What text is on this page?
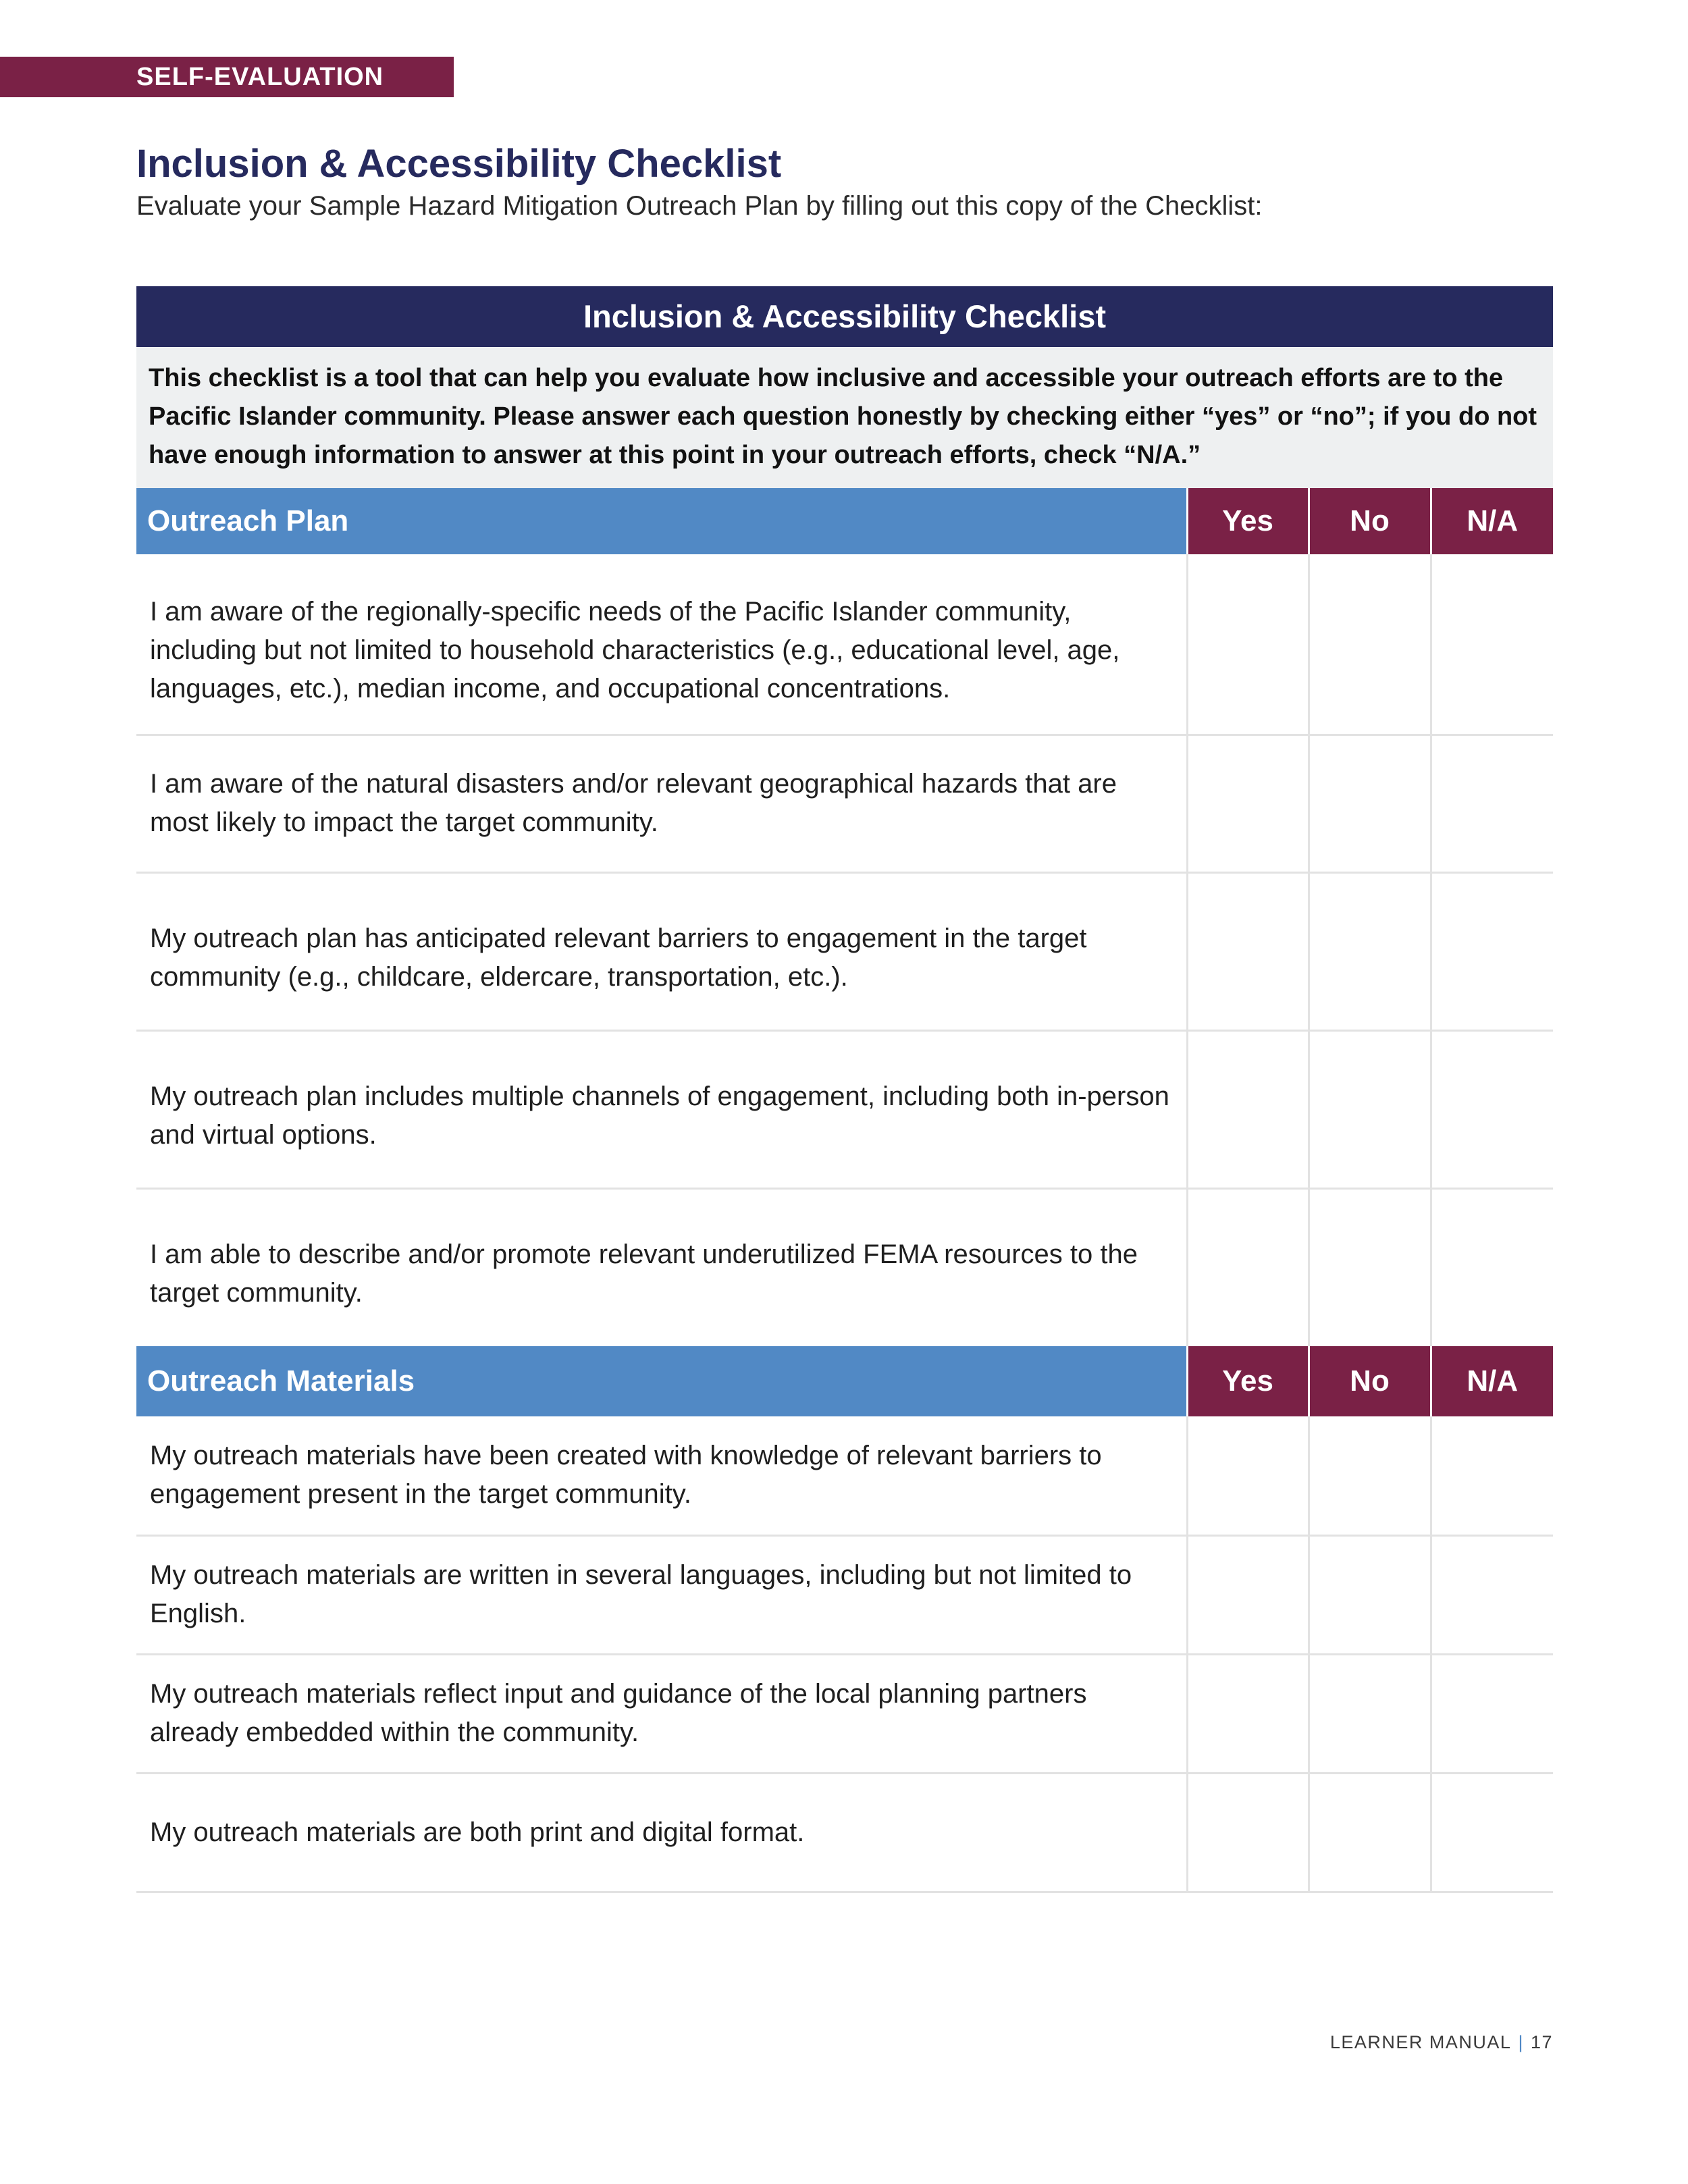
SELF-EVALUATION
Inclusion & Accessibility Checklist
Evaluate your Sample Hazard Mitigation Outreach Plan by filling out this copy of the Checklist:
Inclusion & Accessibility Checklist			
This checklist is a tool that can help you evaluate how inclusive and accessible your outreach efforts are to the Pacific Islander community. Please answer each question honestly by checking either “yes” or “no”; if you do not have enough information to answer at this point in your outreach efforts, check “N/A.”			
Outreach Plan	Yes	No	N/A
I am aware of the regionally-specific needs of the Pacific Islander community, including but not limited to household characteristics (e.g., educational level, age, languages, etc.), median income, and occupational concentrations.			
I am aware of the natural disasters and/or relevant geographical hazards that are most likely to impact the target community.			
My outreach plan has anticipated relevant barriers to engagement in the target community (e.g., childcare, eldercare, transportation, etc.).			
My outreach plan includes multiple channels of engagement, including both in-person and virtual options.			
I am able to describe and/or promote relevant underutilized FEMA resources to the target community.			
Outreach Materials	Yes	No	N/A
My outreach materials have been created with knowledge of relevant barriers to engagement present in the target community.			
My outreach materials are written in several languages, including but not limited to English.			
My outreach materials reflect input and guidance of the local planning partners already embedded within the community.			
My outreach materials are both print and digital format.			
LEARNER MANUAL | 17
